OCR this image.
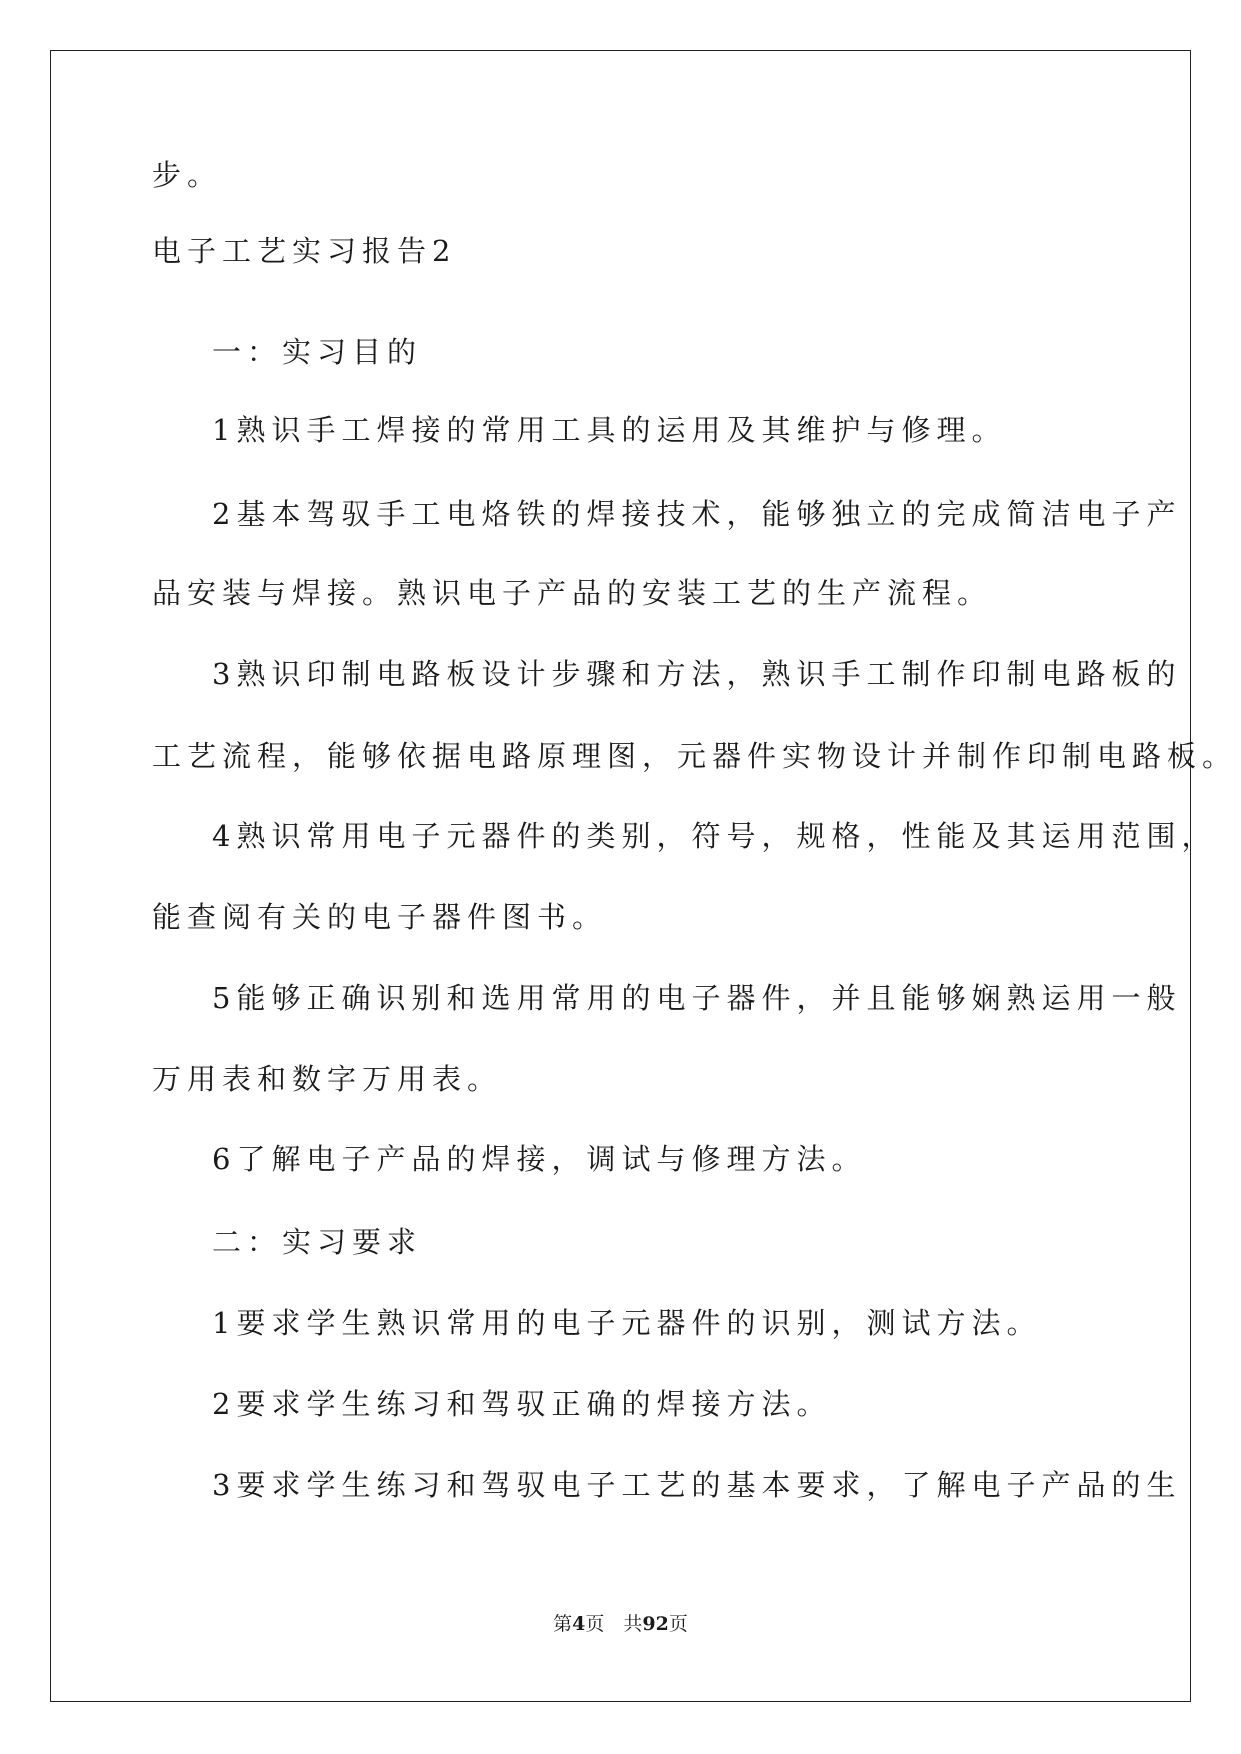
步。
电子工艺实习报告2
一：实习目的
1熟识手工焊接的常用工具的运用及其维护与修理。
2基本驾驭手工电烙铁的焊接技术，能够独立的完成简洁电子产
品安装与焊接。熟识电子产品的安装工艺的生产流程。
3熟识印制电路板设计步骤和方法，熟识手工制作印制电路板的
工艺流程，能够依据电路原理图，元器件实物设计并制作印制电路板。
4熟识常用电子元器件的类别，符号，规格，性能及其运用范围，
能查阅有关的电子器件图书。
5能够正确识别和选用常用的电子器件，并且能够娴熟运用一般
万用表和数字万用表。
6了解电子产品的焊接，调试与修理方法。
二：实习要求
1要求学生熟识常用的电子元器件的识别，测试方法。
2要求学生练习和驾驭正确的焊接方法。
3要求学生练习和驾驭电子工艺的基本要求，了解电子产品的生
第4页　共92页
